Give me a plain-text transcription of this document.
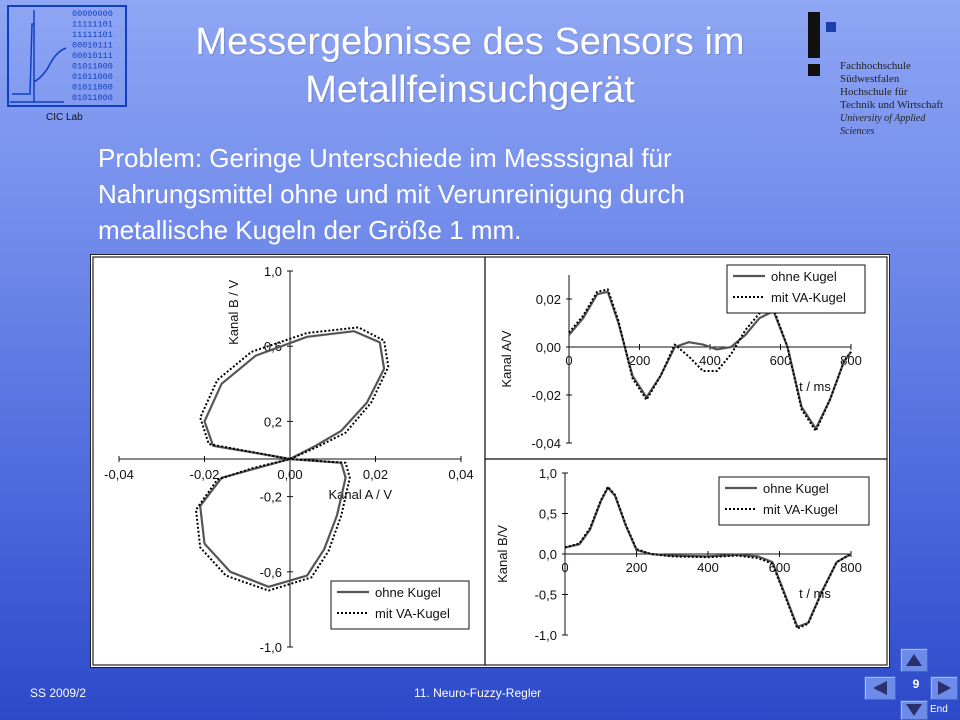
00000000
11111101
11111101
00010111
00010111
01011000
01011000
01011000
01011000
CIC Lab
Fachhochschule
Südwestfalen
Hochschule für
Technik und Wirtschaft
University of Applied Sciences
Messergebnisse des Sensors im
Metallfeinsuchgerät
Problem: Geringe Unterschiede im Messsignal für
Nahrungsmittel ohne und mit Verunreinigung durch
metallische Kugeln der Größe 1 mm.
-0,04	-0,02	0,00	0,02	0,04
1,0
0,6
0,2
-0,2
-0,6
-1,0
Kanal A / V
Kanal B / V
ohne Kugel
mit VA-Kugel
0	200	400	600	800
0,02
0,00
-0,02
-0,04
t / ms
Kanal A/V
ohne Kugel
mit VA-Kugel
0	200	400	600	800
1,0
0,5
0,0
-0,5
-1,0
t / ms
Kanal B/V
ohne Kugel
mit VA-Kugel
SS 2009/2	11. Neuro-Fuzzy-Regler
lt
9
End
